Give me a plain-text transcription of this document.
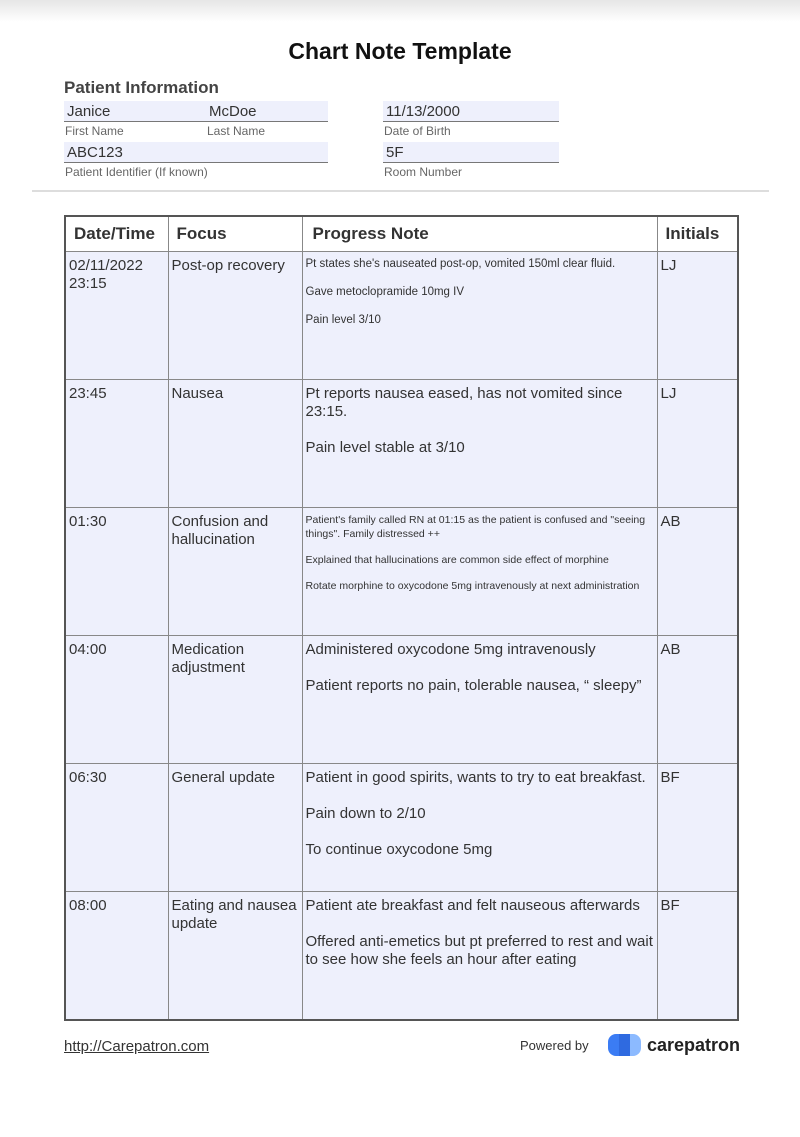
Chart Note Template
Patient Information
Janice
First Name
McDoe
Last Name
11/13/2000
Date of Birth
ABC123
Patient Identifier (If known)
5F
Room Number
Date/Time	Focus	Progress Note	Initials
02/11/2022 23:15	Post-op recovery	Pt states she's nauseated post-op, vomited 150ml clear fluid.

Gave metoclopramide 10mg IV

Pain level 3/10	LJ
23:45	Nausea	Pt reports nausea eased, has not vomited since 23:15.

Pain level stable at 3/10	LJ
01:30	Confusion and hallucination	Patient's family called RN at 01:15 as the patient is confused and "seeing things". Family distressed ++

Explained that hallucinations are common side effect of morphine

Rotate morphine to oxycodone 5mg intravenously at next administration	AB
04:00	Medication adjustment	Administered oxycodone 5mg intravenously

Patient reports no pain, tolerable nausea, “ sleepy”	AB
06:30	General update	Patient in good spirits, wants to try to eat breakfast.

Pain down to 2/10

To continue oxycodone 5mg	BF
08:00	Eating and nausea update	Patient ate breakfast and felt nauseous afterwards

Offered anti-emetics but pt preferred to rest and wait to see how she feels an hour after eating	BF
http://Carepatron.com	Powered by	carepatron
